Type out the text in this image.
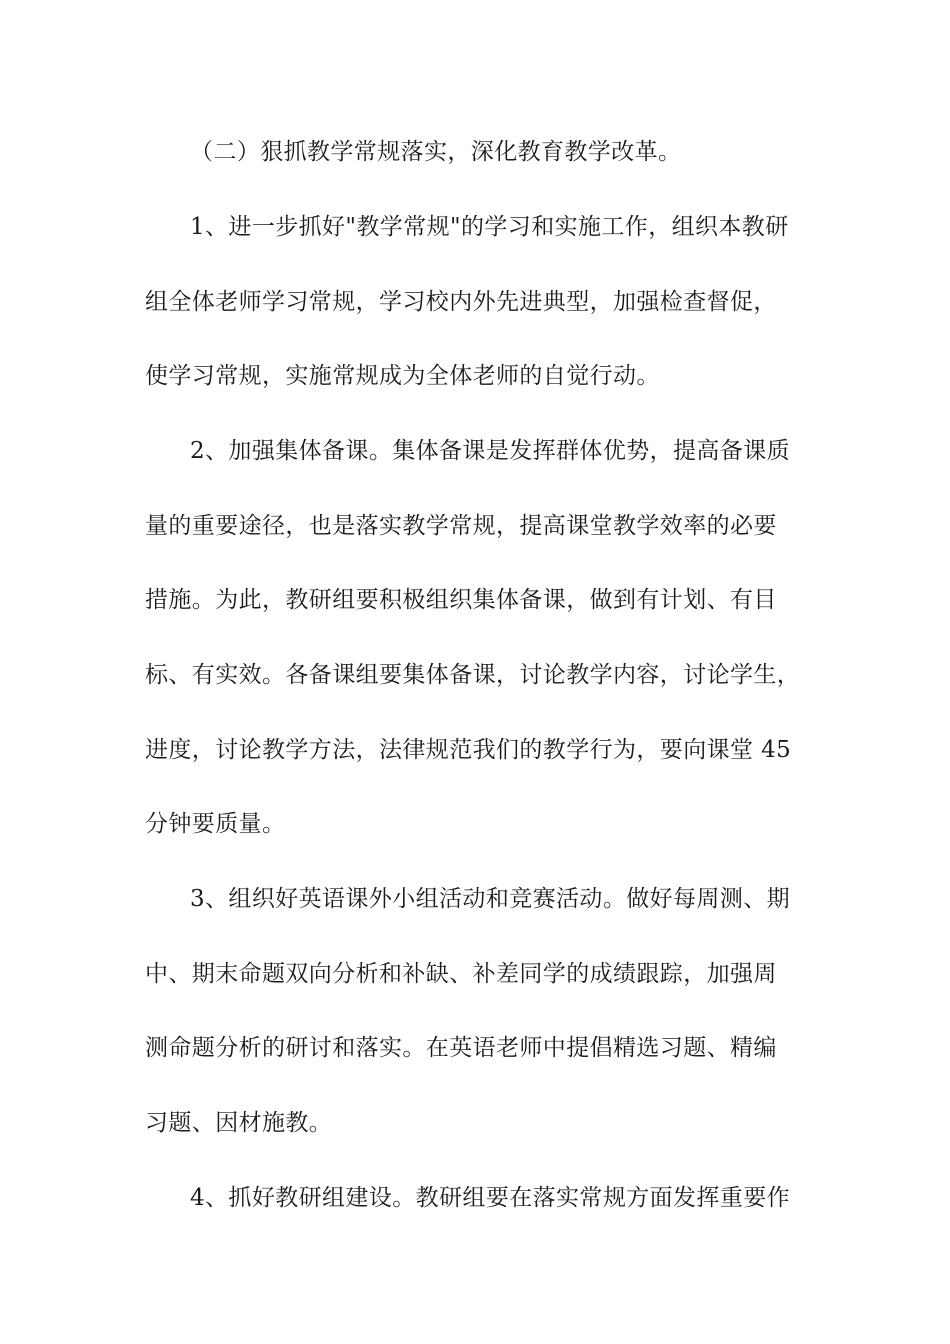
（二）狠抓教学常规落实，深化教育教学改革。
1、进一步抓好"教学常规"的学习和实施工作，组织本教研
组全体老师学习常规，学习校内外先进典型，加强检查督促，
使学习常规，实施常规成为全体老师的自觉行动。
2、加强集体备课。集体备课是发挥群体优势，提高备课质
量的重要途径，也是落实教学常规，提高课堂教学效率的必要
措施。为此，教研组要积极组织集体备课，做到有计划、有目
标、有实效。各备课组要集体备课，讨论教学内容，讨论学生，
进度，讨论教学方法，法律规范我们的教学行为，要向课堂 45
分钟要质量。
3、组织好英语课外小组活动和竞赛活动。做好每周测、期
中、期末命题双向分析和补缺、补差同学的成绩跟踪，加强周
测命题分析的研讨和落实。在英语老师中提倡精选习题、精编
习题、因材施教。
4、抓好教研组建设。教研组要在落实常规方面发挥重要作
